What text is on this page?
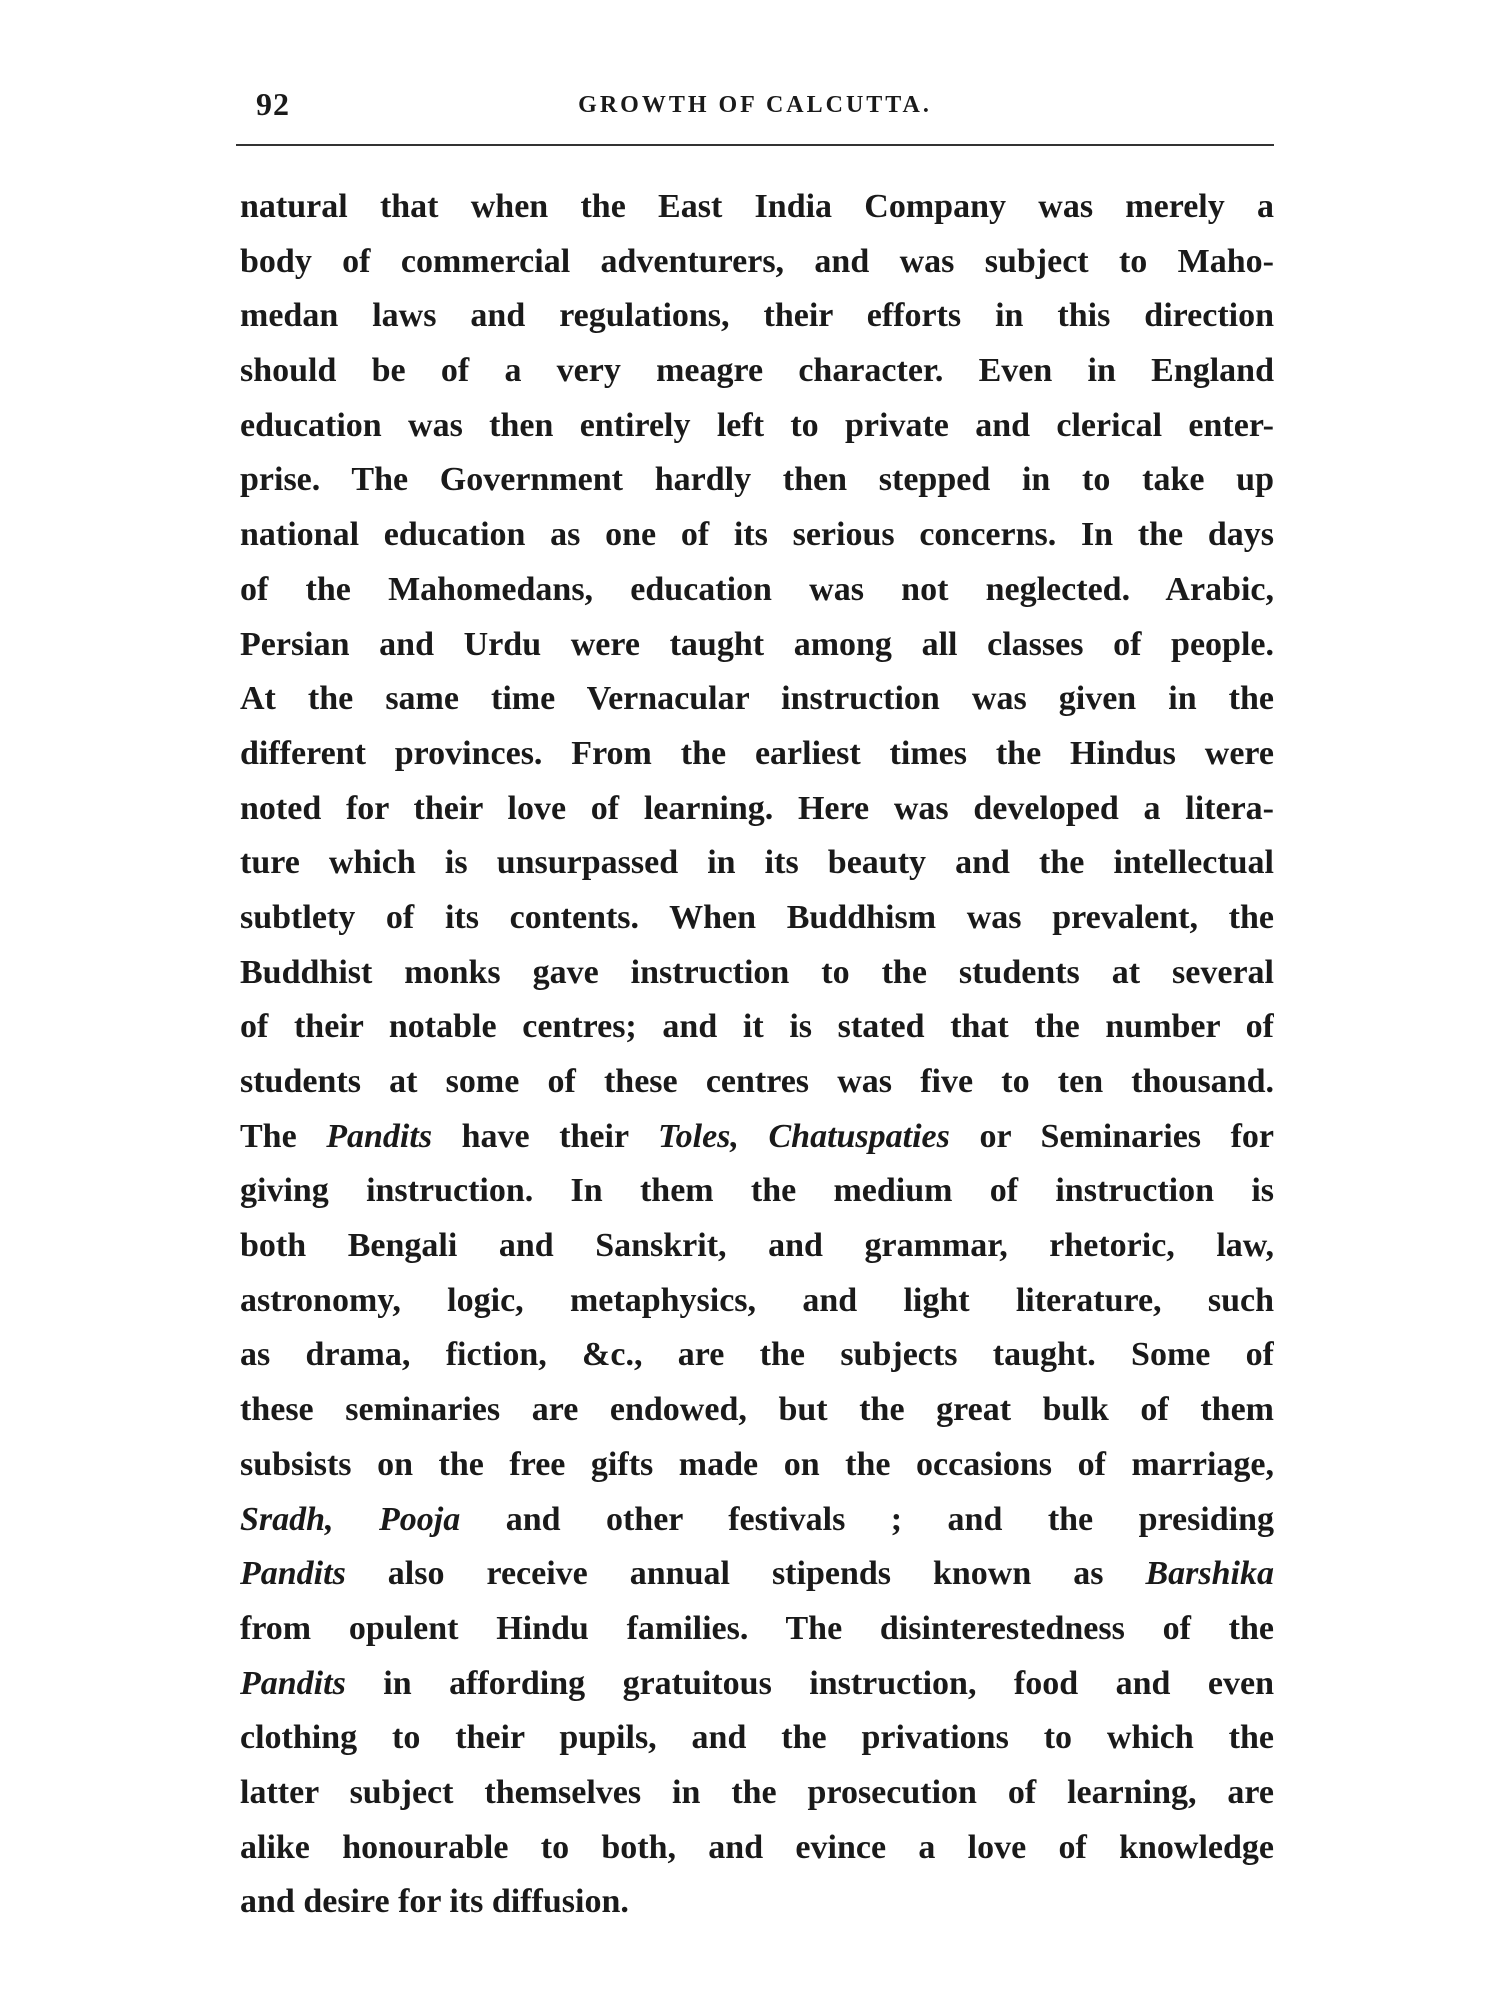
92	GROWTH OF CALCUTTA.
natural that when the East India Company was merely a
body of commercial adventurers, and was subject to Maho-
medan laws and regulations, their efforts in this direction
should be of a very meagre character. Even in England
education was then entirely left to private and clerical enter-
prise. The Government hardly then stepped in to take up
national education as one of its serious concerns. In the days
of the Mahomedans, education was not neglected. Arabic,
Persian and Urdu were taught among all classes of people.
At the same time Vernacular instruction was given in the
different provinces. From the earliest times the Hindus were
noted for their love of learning. Here was developed a litera-
ture which is unsurpassed in its beauty and the intellectual
subtlety of its contents. When Buddhism was prevalent, the
Buddhist monks gave instruction to the students at several
of their notable centres; and it is stated that the number of
students at some of these centres was five to ten thousand.
The Pandits have their Toles, Chatuspaties or Seminaries for
giving instruction. In them the medium of instruction is
both Bengali and Sanskrit, and grammar, rhetoric, law,
astronomy, logic, metaphysics, and light literature, such
as drama, fiction, &c., are the subjects taught. Some of
these seminaries are endowed, but the great bulk of them
subsists on the free gifts made on the occasions of marriage,
Sradh, Pooja and other festivals ; and the presiding
Pandits also receive annual stipends known as Barshika
from opulent Hindu families. The disinterestedness of the
Pandits in affording gratuitous instruction, food and even
clothing to their pupils, and the privations to which the
latter subject themselves in the prosecution of learning, are
alike honourable to both, and evince a love of knowledge
and desire for its diffusion.
